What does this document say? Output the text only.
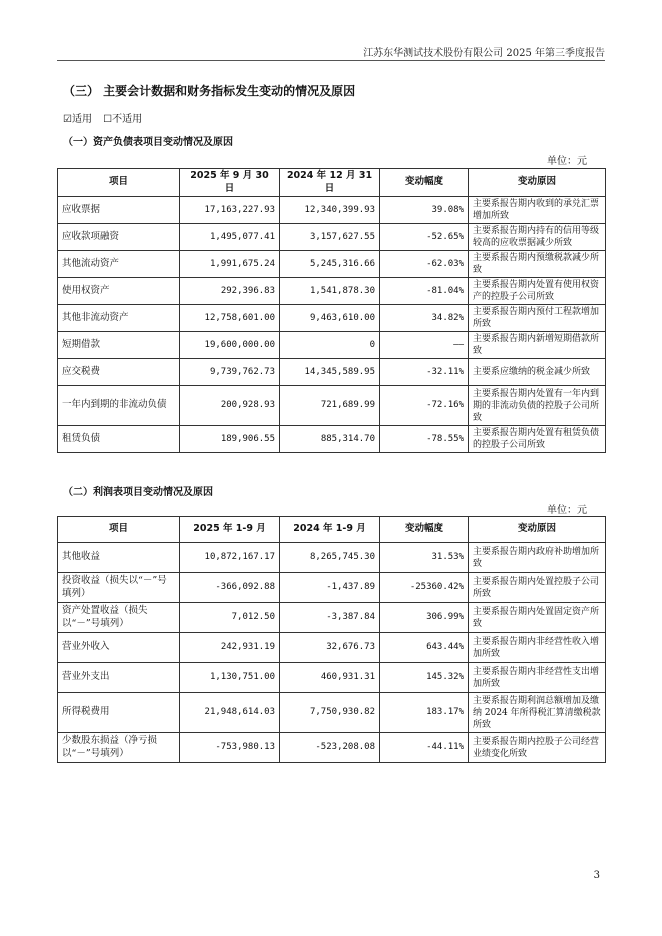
江苏东华测试技术股份有限公司 2025 年第三季度报告
（三） 主要会计数据和财务指标发生变动的情况及原因
☑适用 ☐不适用
（一）资产负债表项目变动情况及原因
单位：元
项目	2025 年 9 月 30 日	2024 年 12 月 31 日	变动幅度	变动原因
应收票据	17,163,227.93	12,340,399.93	39.08%	主要系报告期内收到的承兑汇票增加所致
应收款项融资	1,495,077.41	3,157,627.55	-52.65%	主要系报告期内持有的信用等级较高的应收票据减少所致
其他流动资产	1,991,675.24	5,245,316.66	-62.03%	主要系报告期内预缴税款减少所致
使用权资产	292,396.83	1,541,878.30	-81.04%	主要系报告期内处置有使用权资产的控股子公司所致
其他非流动资产	12,758,601.00	9,463,610.00	34.82%	主要系报告期内预付工程款增加所致
短期借款	19,600,000.00	0	——	主要系报告期内新增短期借款所致
应交税费	9,739,762.73	14,345,589.95	-32.11%	主要系应缴纳的税金减少所致
一年内到期的非流动负债	200,928.93	721,689.99	-72.16%	主要系报告期内处置有一年内到期的非流动负债的控股子公司所致
租赁负债	189,906.55	885,314.70	-78.55%	主要系报告期内处置有租赁负债的控股子公司所致
（二）利润表项目变动情况及原因
单位：元
项目	2025 年 1-9 月	2024 年 1-9 月	变动幅度	变动原因
其他收益	10,872,167.17	8,265,745.30	31.53%	主要系报告期内政府补助增加所致
投资收益（损失以“－”号填列）	-366,092.88	-1,437.89	-25360.42%	主要系报告期内处置控股子公司所致
资产处置收益（损失以“－”号填列）	7,012.50	-3,387.84	306.99%	主要系报告期内处置固定资产所致
营业外收入	242,931.19	32,676.73	643.44%	主要系报告期内非经营性收入增加所致
营业外支出	1,130,751.00	460,931.31	145.32%	主要系报告期内非经营性支出增加所致
所得税费用	21,948,614.03	7,750,930.82	183.17%	主要系报告期利润总额增加及缴纳 2024 年所得税汇算清缴税款所致
少数股东损益（净亏损以“－”号填列）	-753,980.13	-523,208.08	-44.11%	主要系报告期内控股子公司经营业绩变化所致
3
